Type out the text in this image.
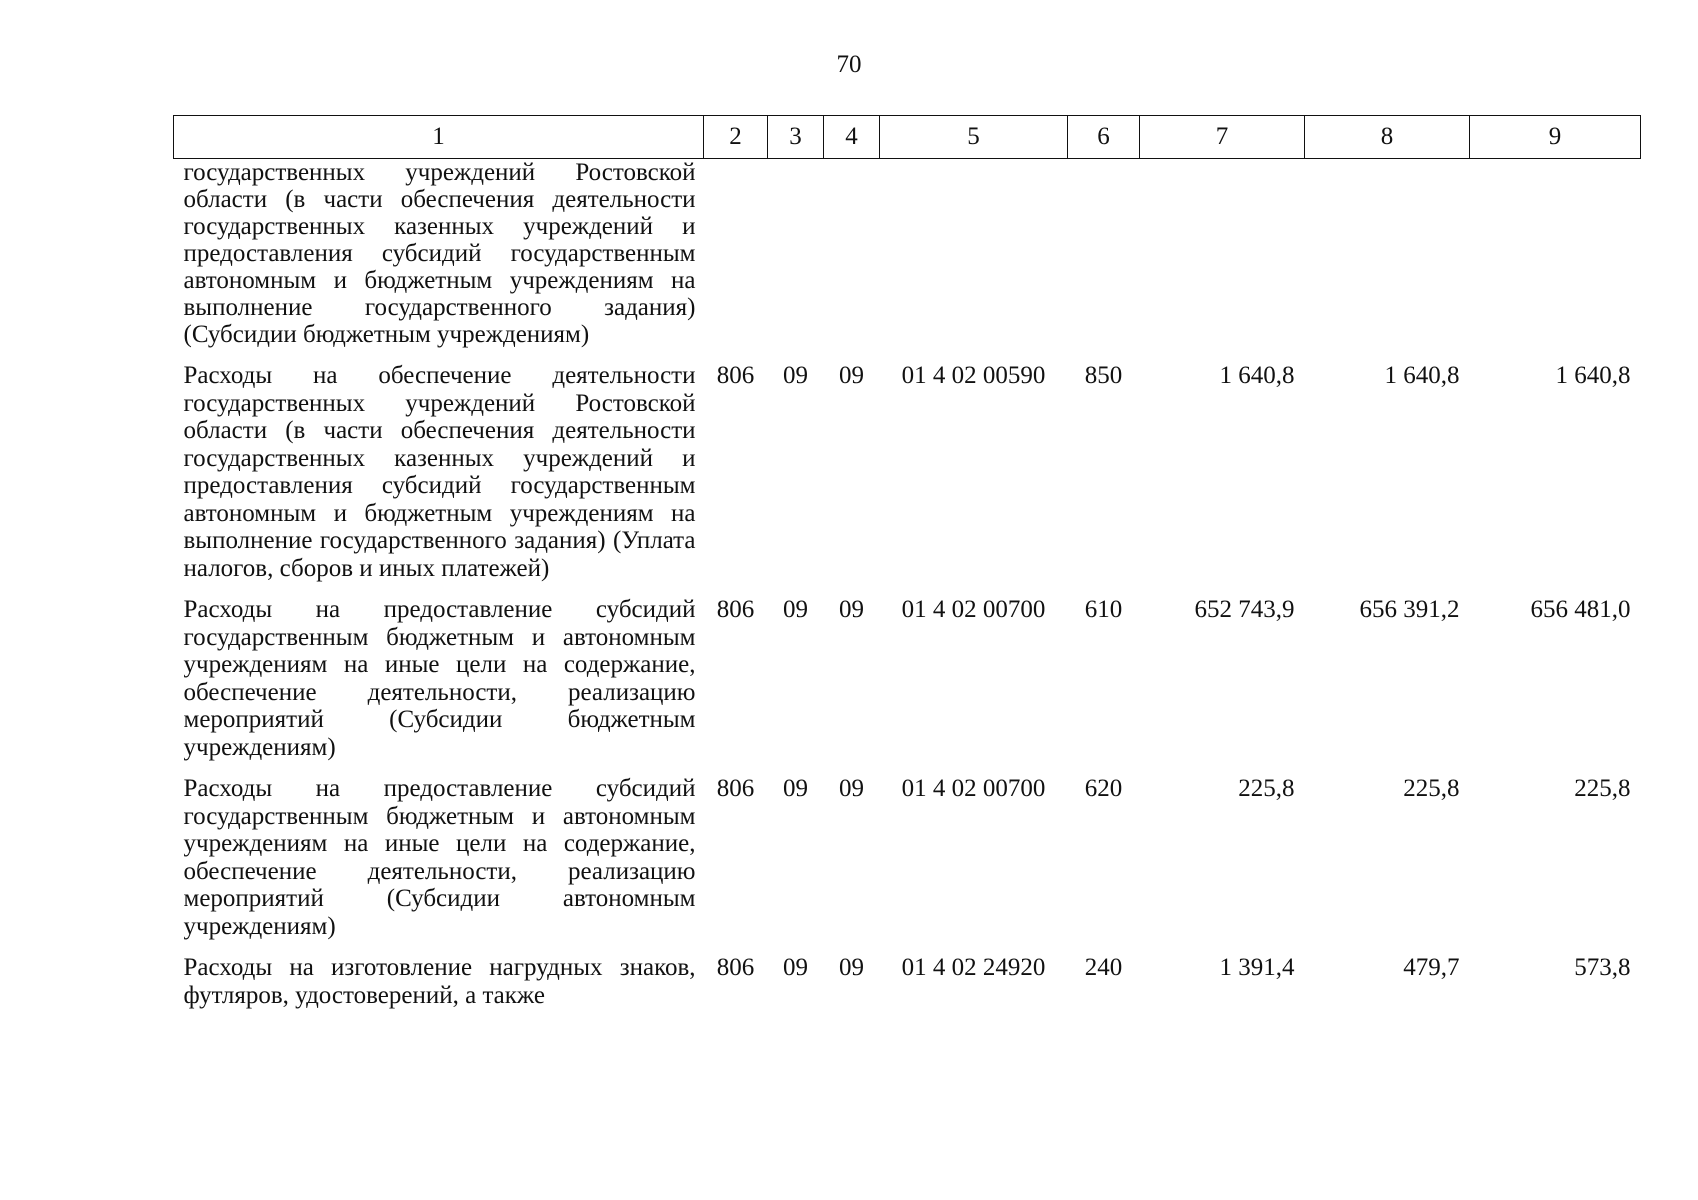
70
1	2	3	4	5	6	7	8	9
государственных учреждений Ростовской области (в части обеспечения деятельности государственных казенных учреждений и предоставления субсидий государственным автономным и бюджетным учреждениям на выполнение государственного задания) (Субсидии бюджетным учреждениям)								
Расходы на обеспечение деятельности государственных учреждений Ростовской области (в части обеспечения деятельности государственных казенных учреждений и предоставления субсидий государственным автономным и бюджетным учреждениям на выполнение государственного задания) (Уплата налогов, сборов и иных платежей)	806	09	09	01 4 02 00590	850	1 640,8	1 640,8	1 640,8
Расходы на предоставление субсидий государственным бюджетным и автономным учреждениям на иные цели на содержание, обеспечение деятельности, реализацию мероприятий (Субсидии бюджетным учреждениям)	806	09	09	01 4 02 00700	610	652 743,9	656 391,2	656 481,0
Расходы на предоставление субсидий государственным бюджетным и автономным учреждениям на иные цели на содержание, обеспечение деятельности, реализацию мероприятий (Субсидии автономным учреждениям)	806	09	09	01 4 02 00700	620	225,8	225,8	225,8
Расходы на изготовление нагрудных знаков, футляров, удостоверений, а также	806	09	09	01 4 02 24920	240	1 391,4	479,7	573,8
